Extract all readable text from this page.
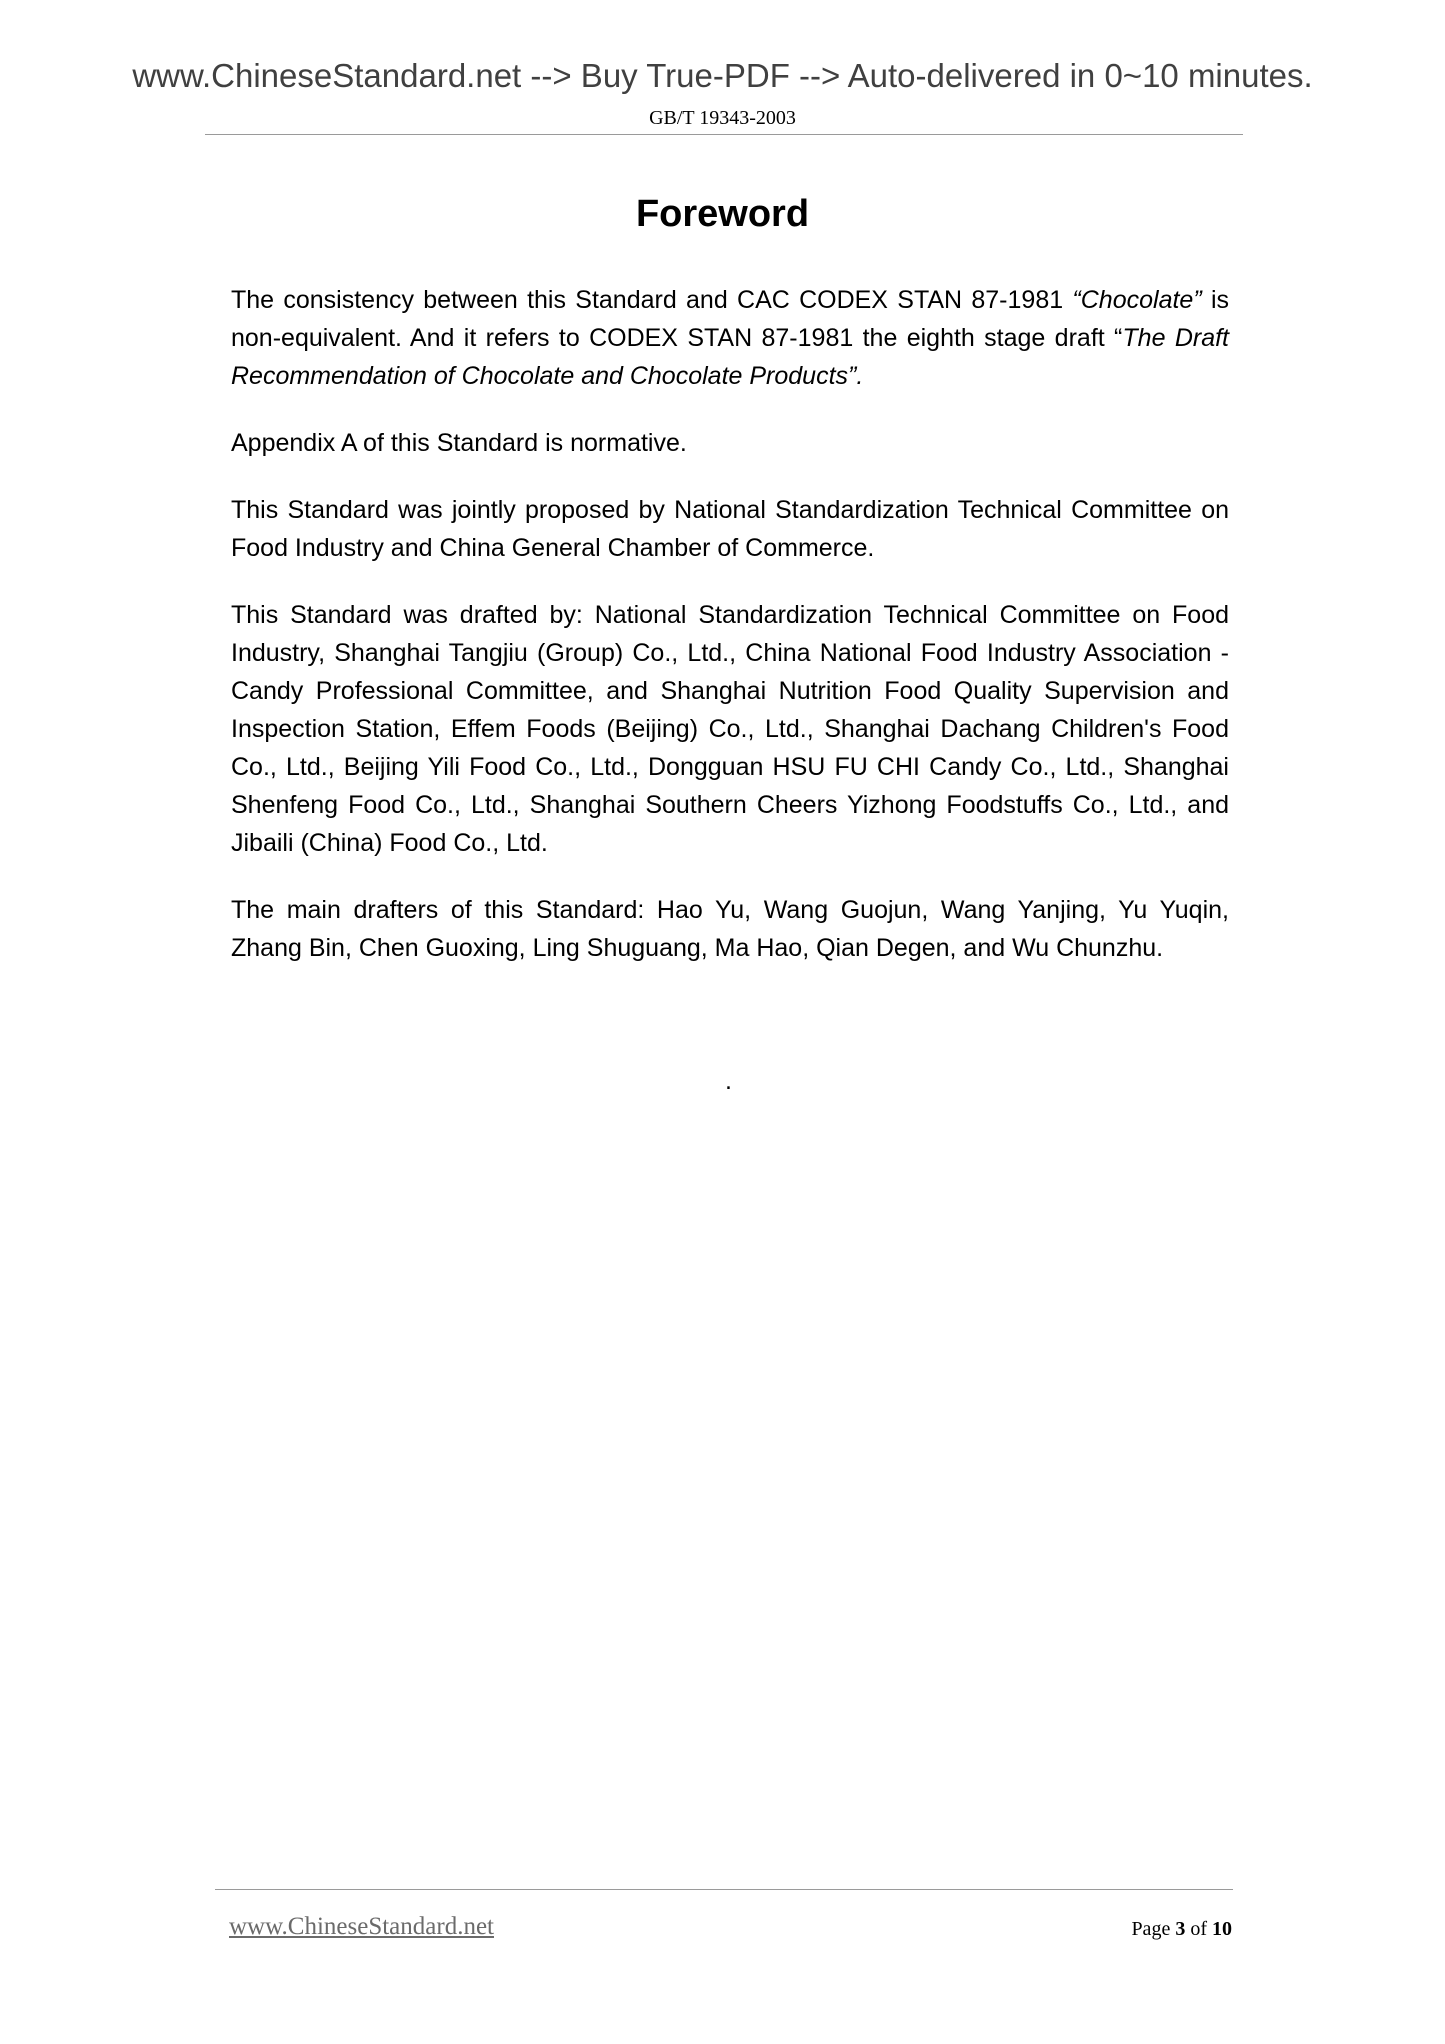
www.ChineseStandard.net --> Buy True-PDF --> Auto-delivered in 0~10 minutes.
GB/T 19343-2003
Foreword

The consistency between this Standard and CAC CODEX STAN 87-1981 “Chocolate” is non-equivalent. And it refers to CODEX STAN 87-1981 the eighth stage draft “The Draft Recommendation of Chocolate and Chocolate Products”.

Appendix A of this Standard is normative.

This Standard was jointly proposed by National Standardization Technical Committee on Food Industry and China General Chamber of Commerce.

This Standard was drafted by: National Standardization Technical Committee on Food Industry, Shanghai Tangjiu (Group) Co., Ltd., China National Food Industry Association - Candy Professional Committee, and Shanghai Nutrition Food Quality Supervision and Inspection Station, Effem Foods (Beijing) Co., Ltd., Shanghai Dachang Children's Food Co., Ltd., Beijing Yili Food Co., Ltd., Dongguan HSU FU CHI Candy Co., Ltd., Shanghai Shenfeng Food Co., Ltd., Shanghai Southern Cheers Yizhong Foodstuffs Co., Ltd., and Jibaili (China) Food Co., Ltd.

The main drafters of this Standard: Hao Yu, Wang Guojun, Wang Yanjing, Yu Yuqin, Zhang Bin, Chen Guoxing, Ling Shuguang, Ma Hao, Qian Degen, and Wu Chunzhu.

.
www.ChineseStandard.net	Page 3 of 10
